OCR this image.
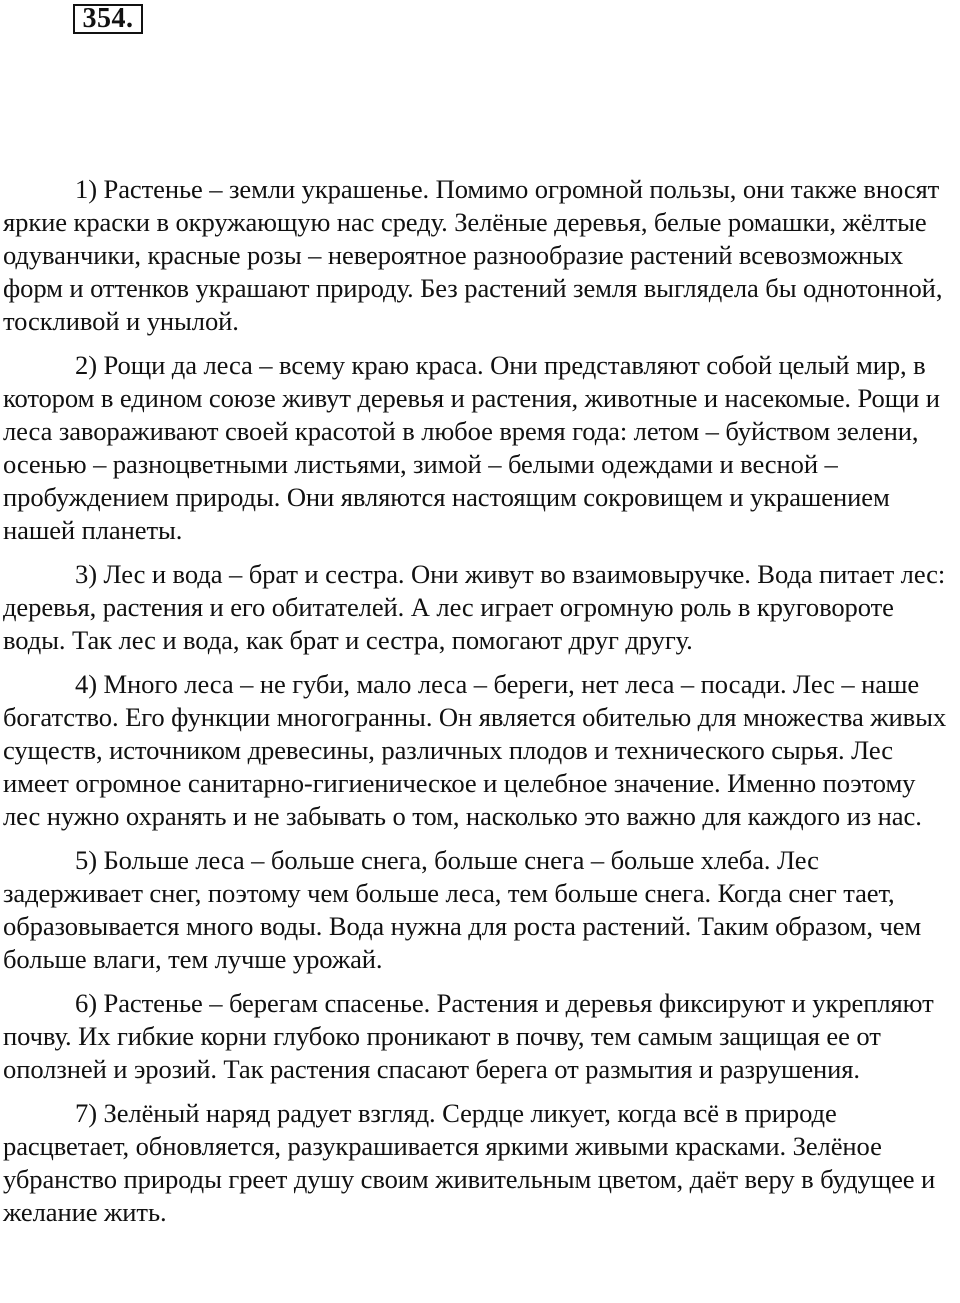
354.

1) Растенье – земли украшенье. Помимо огромной пользы, они также вносят яркие краски в окружающую нас среду. Зелёные деревья, белые ромашки, жёлтые одуванчики, красные розы – невероятное разнообразие растений всевозможных форм и оттенков украшают природу. Без растений земля выглядела бы однотонной, тоскливой и унылой.

2) Рощи да леса – всему краю краса. Они представляют собой целый мир, в котором в едином союзе живут деревья и растения, животные и насекомые. Рощи и леса завораживают своей красотой в любое время года: летом – буйством зелени, осенью – разноцветными листьями, зимой – белыми одеждами и весной – пробуждением природы. Они являются настоящим сокровищем и украшением нашей планеты.

3) Лес и вода – брат и сестра. Они живут во взаимовыручке. Вода питает лес: деревья, растения и его обитателей. А лес играет огромную роль в круговороте воды. Так лес и вода, как брат и сестра, помогают друг другу.

4) Много леса – не губи, мало леса – береги, нет леса – посади. Лес – наше богатство. Его функции многогранны. Он является обителью для множества живых существ, источником древесины, различных плодов и технического сырья. Лес имеет огромное санитарно-гигиеническое и целебное значение. Именно поэтому лес нужно охранять и не забывать о том, насколько это важно для каждого из нас.

5) Больше леса – больше снега, больше снега – больше хлеба. Лес задерживает снег, поэтому чем больше леса, тем больше снега. Когда снег тает, образовывается много воды. Вода нужна для роста растений. Таким образом, чем больше влаги, тем лучше урожай.

6) Растенье – берегам спасенье. Растения и деревья фиксируют и укрепляют почву. Их гибкие корни глубоко проникают в почву, тем самым защищая ее от оползней и эрозий. Так растения спасают берега от размытия и разрушения.

7) Зелёный наряд радует взгляд. Сердце ликует, когда всё в природе расцветает, обновляется, разукрашивается яркими живыми красками. Зелёное убранство природы греет душу своим живительным цветом, даёт веру в будущее и желание жить.
